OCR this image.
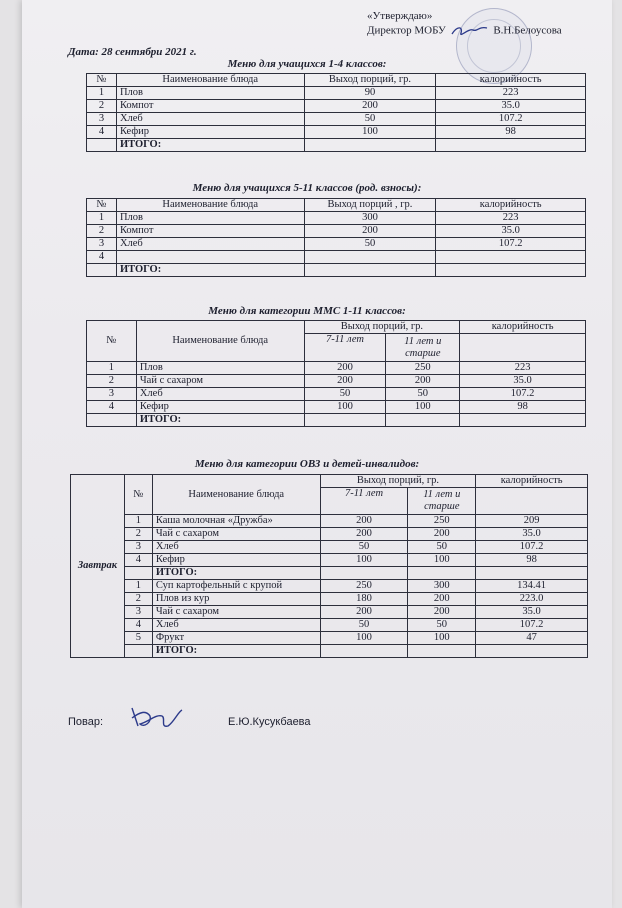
«Утверждаю»
Директор МОБУ	В.Н.Белоусова
Дата: 28 сентябри 2021 г.
Меню для учащихся 1-4 классов:
№	Наименование блюда	Выход порций, гр.	калорийность
1	Плов	90	223
2	Компот	200	35.0
3	Хлеб	50	107.2
4	Кефир	100	98
	ИТОГО:		
Меню для учащихся 5-11 классов (род. взносы):
№	Наименование блюда	Выход порций , гр.	калорийность
1	Плов	300	223
2	Компот	200	35.0
3	Хлеб	50	107.2
4			
	ИТОГО:		
Меню для категории ММС 1-11 классов:
№	Наименование блюда	Выход порций, гр.		калорийность
		7-11 лет	11 лет и старше	
1	Плов	200	250	223
2	Чай с сахаром	200	200	35.0
3	Хлеб	50	50	107.2
4	Кефир	100	100	98
	ИТОГО:			
Меню для категории ОВЗ и детей-инвалидов:
Завтрак	№	Наименование блюда	Выход порций, гр.		калорийность
			7-11 лет	11 лет и старше	
	1	Каша молочная «Дружба»	200	250	209
	2	Чай с сахаром	200	200	35.0
	3	Хлеб	50	50	107.2
	4	Кефир	100	100	98
		ИТОГО:			
	1	Суп картофельный с крупой	250	300	134.41
	2	Плов из кур	180	200	223.0
	3	Чай с сахаром	200	200	35.0
	4	Хлеб	50	50	107.2
	5	Фрукт	100	100	47
		ИТОГО:			
Повар:	Е.Ю.Кусукбаева
